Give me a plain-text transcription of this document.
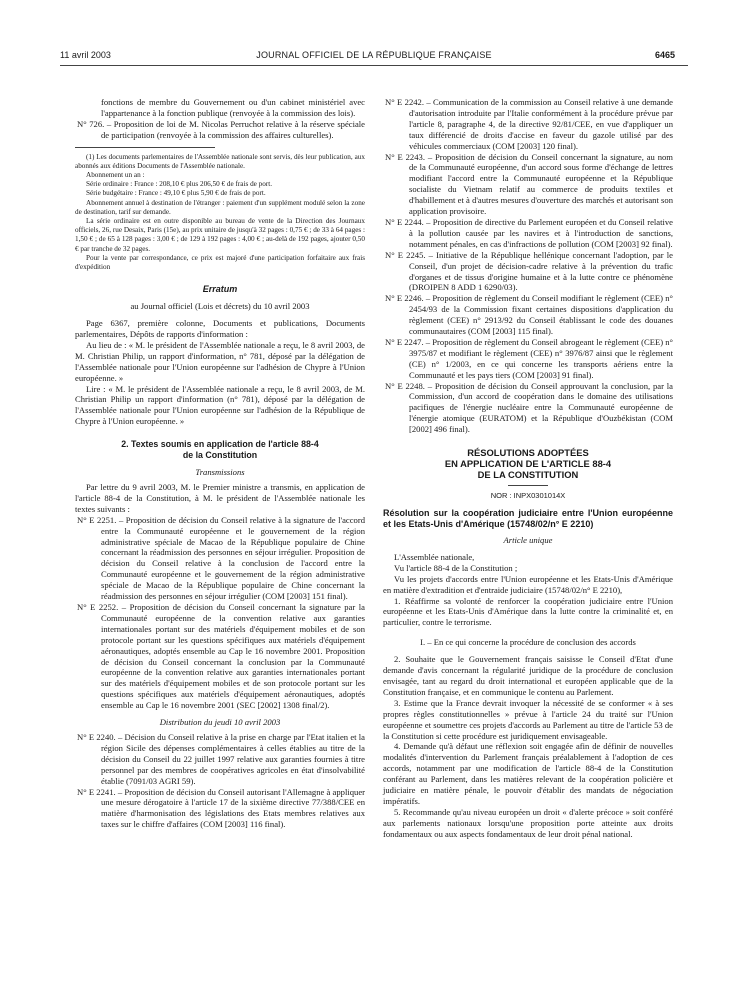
11 avril 2003	JOURNAL OFFICIEL DE LA RÉPUBLIQUE FRANÇAISE	6465

fonctions de membre du Gouvernement ou d'un cabinet ministériel avec l'appartenance à la fonction publique (renvoyée à la commission des lois).

N° 726. – Proposition de loi de M. Nicolas Perruchot relative à la réserve spéciale de participation (renvoyée à la commission des affaires culturelles).

(1) Les documents parlementaires de l'Assemblée nationale sont servis, dès leur publication, aux abonnés aux éditions Documents de l'Assemblée nationale.

Abonnement un an :

Série ordinaire : France : 208,10 € plus 206,50 € de frais de port.

Série budgétaire : France : 49,10 € plus 5,90 € de frais de port.

Abonnement annuel à destination de l'étranger : paiement d'un supplément modulé selon la zone de destination, tarif sur demande.

La série ordinaire est en outre disponible au bureau de vente de la Direction des Journaux officiels, 26, rue Desaix, Paris (15e), au prix unitaire de jusqu'à 32 pages : 0,75 € ; de 33 à 64 pages : 1,50 € ; de 65 à 128 pages : 3,00 € ; de 129 à 192 pages : 4,00 € ; au-delà de 192 pages, ajouter 0,50 € par tranche de 32 pages.

Pour la vente par correspondance, ce prix est majoré d'une participation forfaitaire aux frais d'expédition

Erratum

au Journal officiel (Lois et décrets) du 10 avril 2003

Page 6367, première colonne, Documents et publications, Documents parlementaires, Dépôts de rapports d'information :

Au lieu de : « M. le président de l'Assemblée nationale a reçu, le 8 avril 2003, de M. Christian Philip, un rapport d'information, n° 781, déposé par la délégation de l'Assemblée nationale pour l'Union européenne sur l'adhésion de Chypre à l'Union européenne. »

Lire : « M. le président de l'Assemblée nationale a reçu, le 8 avril 2003, de M. Christian Philip un rapport d'information (n° 781), déposé par la délégation de l'Assemblée nationale pour l'Union européenne sur l'adhésion de la République de Chypre à l'Union européenne. »

2. Textes soumis en application de l'article 88-4

de la Constitution

Transmissions

Par lettre du 9 avril 2003, M. le Premier ministre a transmis, en application de l'article 88-4 de la Constitution, à M. le président de l'Assemblée nationale les textes suivants :

N° E 2251. – Proposition de décision du Conseil relative à la signature de l'accord entre la Communauté européenne et le gouvernement de la région administrative spéciale de Macao de la République populaire de Chine concernant la réadmission des personnes en séjour irrégulier. Proposition de décision du Conseil relative à la conclusion de l'accord entre la Communauté européenne et le gouvernement de la région administrative spéciale de Macao de la République populaire de Chine concernant la réadmission des personnes en séjour irrégulier (COM [2003] 151 final).

N° E 2252. – Proposition de décision du Conseil concernant la signature par la Communauté européenne de la convention relative aux garanties internationales portant sur des matériels d'équipement mobiles et de son protocole portant sur les questions spécifiques aux matériels d'équipement aéronautiques, adoptés ensemble au Cap le 16 novembre 2001. Proposition de décision du Conseil concernant la conclusion par la Communauté européenne de la convention relative aux garanties internationales portant sur des matériels d'équipement mobiles et de son protocole portant sur les questions spécifiques aux matériels d'équipement aéronautiques, adoptés ensemble au Cap le 16 novembre 2001 (SEC [2002] 1308 final/2).

Distribution du jeudi 10 avril 2003

N° E 2240. – Décision du Conseil relative à la prise en charge par l'Etat italien et la région Sicile des dépenses complémentaires à celles établies au titre de la décision du Conseil du 22 juillet 1997 relative aux garanties fournies à titre personnel par des membres de coopératives agricoles en état d'insolvabilité établie (7091/03 AGRI 59).

N° E 2241. – Proposition de décision du Conseil autorisant l'Allemagne à appliquer une mesure dérogatoire à l'article 17 de la sixième directive 77/388/CEE en matière d'harmonisation des législations des Etats membres relatives aux taxes sur le chiffre d'affaires (COM [2003] 116 final).

N° E 2242. – Communication de la commission au Conseil relative à une demande d'autorisation introduite par l'Italie conformément à la procédure prévue par l'article 8, paragraphe 4, de la directive 92/81/CEE, en vue d'appliquer un taux différencié de droits d'accise en faveur du gazole utilisé par des véhicules commerciaux (COM [2003] 120 final).

N° E 2243. – Proposition de décision du Conseil concernant la signature, au nom de la Communauté européenne, d'un accord sous forme d'échange de lettres modifiant l'accord entre la Communauté européenne et la République socialiste du Vietnam relatif au commerce de produits textiles et d'habillement et à d'autres mesures d'ouverture des marchés et autorisant son application provisoire.

N° E 2244. – Proposition de directive du Parlement européen et du Conseil relative à la pollution causée par les navires et à l'introduction de sanctions, notamment pénales, en cas d'infractions de pollution (COM [2003] 92 final).

N° E 2245. – Initiative de la République hellénique concernant l'adoption, par le Conseil, d'un projet de décision-cadre relative à la prévention du trafic d'organes et de tissus d'origine humaine et à la lutte contre ce phénomène (DROIPEN 8 ADD 1 6290/03).

N° E 2246. – Proposition de règlement du Conseil modifiant le règlement (CEE) n° 2454/93 de la Commission fixant certaines dispositions d'application du règlement (CEE) n° 2913/92 du Conseil établissant le code des douanes communautaires (COM [2003] 115 final).

N° E 2247. – Proposition de règlement du Conseil abrogeant le règlement (CEE) n° 3975/87 et modifiant le règlement (CEE) n° 3976/87 ainsi que le règlement (CE) n° 1/2003, en ce qui concerne les transports aériens entre la Communauté et les pays tiers (COM [2003] 91 final).

N° E 2248. – Proposition de décision du Conseil approuvant la conclusion, par la Commission, d'un accord de coopération dans le domaine des utilisations pacifiques de l'énergie nucléaire entre la Communauté européenne de l'énergie atomique (EURATOM) et la République d'Ouzbékistan (COM [2002] 496 final).

RÉSOLUTIONS ADOPTÉES

EN APPLICATION DE L'ARTICLE 88-4

DE LA CONSTITUTION

NOR : INPX0301014X

Résolution sur la coopération judiciaire entre l'Union européenne et les Etats-Unis d'Amérique (15748/02/n° E 2210)

Article unique

L'Assemblée nationale,

Vu l'article 88-4 de la Constitution ;

Vu les projets d'accords entre l'Union européenne et les Etats-Unis d'Amérique en matière d'extradition et d'entraide judiciaire (15748/02/n° E 2210),

1. Réaffirme sa volonté de renforcer la coopération judiciaire entre l'Union européenne et les Etats-Unis d'Amérique dans la lutte contre la criminalité et, en particulier, contre le terrorisme.

I. – En ce qui concerne la procédure de conclusion des accords

2. Souhaite que le Gouvernement français saisisse le Conseil d'Etat d'une demande d'avis concernant la régularité juridique de la procédure de conclusion envisagée, tant au regard du droit international et européen applicable que de la Constitution française, et en communique le contenu au Parlement.

3. Estime que la France devrait invoquer la nécessité de se conformer « à ses propres règles constitutionnelles » prévue à l'article 24 du traité sur l'Union européenne et soumettre ces projets d'accords au Parlement au titre de l'article 53 de la Constitution si cette procédure est juridiquement envisageable.

4. Demande qu'à défaut une réflexion soit engagée afin de définir de nouvelles modalités d'intervention du Parlement français préalablement à l'adoption de ces accords, notamment par une modification de l'article 88-4 de la Constitution conférant au Parlement, dans les matières relevant de la coopération policière et judiciaire en matière pénale, le pouvoir d'établir des mandats de négociation impératifs.

5. Recommande qu'au niveau européen un droit « d'alerte précoce » soit conféré aux parlements nationaux lorsqu'une proposition porte atteinte aux droits fondamentaux ou aux aspects fondamentaux de leur droit pénal national.
